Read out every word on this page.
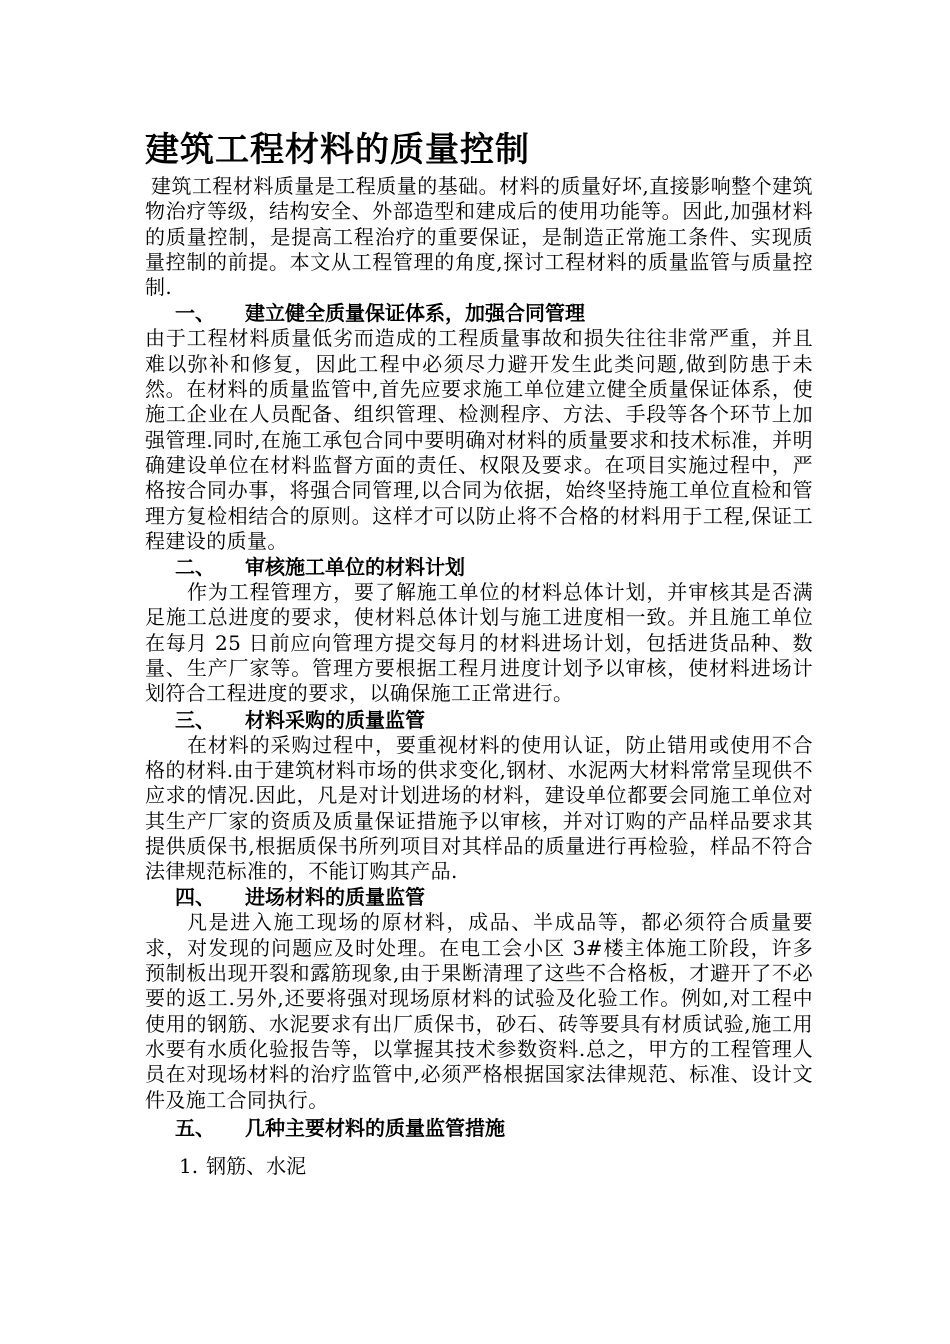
建筑工程材料的质量控制

建筑工程材料质量是工程质量的基础。材料的质量好坏,直接影响整个建筑物治疗等级，结构安全、外部造型和建成后的使用功能等。因此,加强材料的质量控制，是提高工程治疗的重要保证，是制造正常施工条件、实现质量控制的前提。本文从工程管理的角度,探讨工程材料的质量监管与质量控制.

一、 建立健全质量保证体系，加强合同管理

由于工程材料质量低劣而造成的工程质量事故和损失往往非常严重，并且难以弥补和修复，因此工程中必须尽力避开发生此类问题,做到防患于未然。在材料的质量监管中,首先应要求施工单位建立健全质量保证体系，使施工企业在人员配备、组织管理、检测程序、方法、手段等各个环节上加强管理.同时,在施工承包合同中要明确对材料的质量要求和技术标准，并明确建设单位在材料监督方面的责任、权限及要求。在项目实施过程中，严格按合同办事，将强合同管理,以合同为依据，始终坚持施工单位直检和管理方复检相结合的原则。这样才可以防止将不合格的材料用于工程,保证工程建设的质量。

二、 审核施工单位的材料计划

作为工程管理方，要了解施工单位的材料总体计划，并审核其是否满足施工总进度的要求，使材料总体计划与施工进度相一致。并且施工单位在每月 25 日前应向管理方提交每月的材料进场计划，包括进货品种、数量、生产厂家等。管理方要根据工程月进度计划予以审核，使材料进场计划符合工程进度的要求，以确保施工正常进行。

三、 材料采购的质量监管

在材料的采购过程中，要重视材料的使用认证，防止错用或使用不合格的材料.由于建筑材料市场的供求变化,钢材、水泥两大材料常常呈现供不应求的情况.因此，凡是对计划进场的材料，建设单位都要会同施工单位对其生产厂家的资质及质量保证措施予以审核，并对订购的产品样品要求其提供质保书,根据质保书所列项目对其样品的质量进行再检验，样品不符合法律规范标准的，不能订购其产品.

四、 进场材料的质量监管

凡是进入施工现场的原材料，成品、半成品等，都必须符合质量要求，对发现的问题应及时处理。在电工会小区 3#楼主体施工阶段，许多预制板出现开裂和露筋现象,由于果断清理了这些不合格板，才避开了不必要的返工.另外,还要将强对现场原材料的试验及化验工作。例如,对工程中使用的钢筋、水泥要求有出厂质保书，砂石、砖等要具有材质试验,施工用水要有水质化验报告等，以掌握其技术参数资料.总之，甲方的工程管理人员在对现场材料的治疗监管中,必须严格根据国家法律规范、标准、设计文件及施工合同执行。

五、 几种主要材料的质量监管措施
1. 钢筋、水泥
